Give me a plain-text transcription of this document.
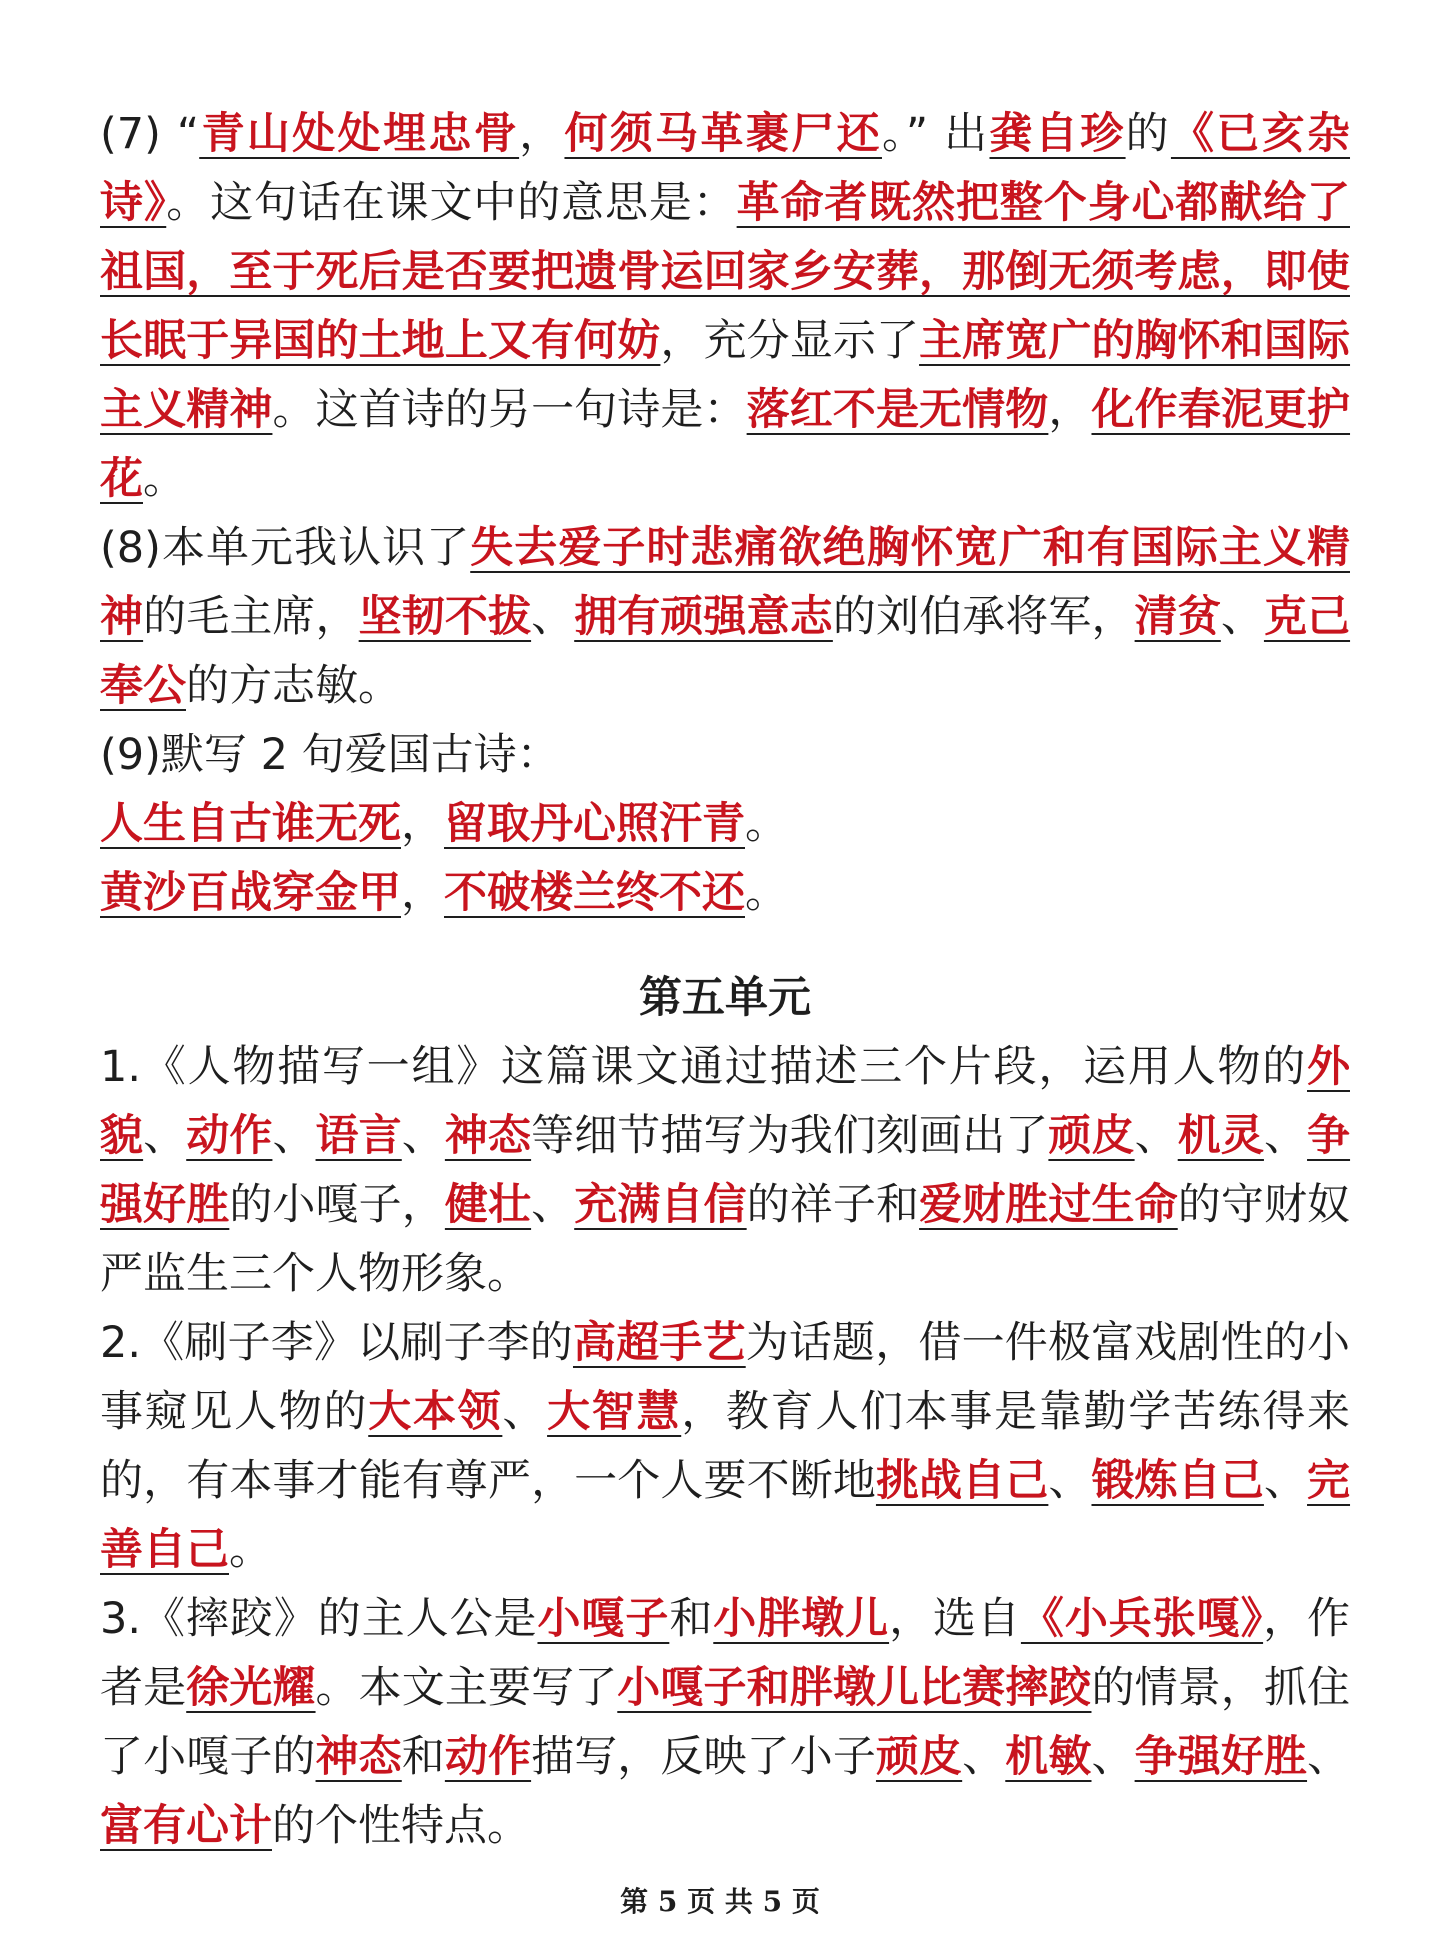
(7) “青山处处埋忠骨，何须马革裹尸还。” 出龚自珍的《已亥杂诗》。这句话在课文中的意思是：革命者既然把整个身心都献给了祖国，至于死后是否要把遗骨运回家乡安葬，那倒无须考虑，即使长眠于异国的土地上又有何妨，充分显示了主席宽广的胸怀和国际主义精神。这首诗的另一句诗是：落红不是无情物，化作春泥更护花。
(8)本单元我认识了失去爱子时悲痛欲绝胸怀宽广和有国际主义精神的毛主席，坚韧不拔、拥有顽强意志的刘伯承将军，清贫、克己奉公的方志敏。
(9)默写 2 句爱国古诗：
人生自古谁无死，留取丹心照汗青。
黄沙百战穿金甲，不破楼兰终不还。
第五单元
1.《人物描写一组》这篇课文通过描述三个片段，运用人物的外貌、动作、语言、神态等细节描写为我们刻画出了顽皮、机灵、争强好胜的小嘎子，健壮、充满自信的祥子和爱财胜过生命的守财奴严监生三个人物形象。
2.《刷子李》以刷子李的高超手艺为话题，借一件极富戏剧性的小事窥见人物的大本领、大智慧，教育人们本事是靠勤学苦练得来的，有本事才能有尊严，一个人要不断地挑战自己、锻炼自己、完善自己。
3.《摔跤》的主人公是小嘎子和小胖墩儿，选自《小兵张嘎》，作者是徐光耀。本文主要写了小嘎子和胖墩儿比赛摔跤的情景，抓住了小嘎子的神态和动作描写，反映了小子顽皮、机敏、争强好胜、富有心计的个性特点。
第 5 页 共 5 页
